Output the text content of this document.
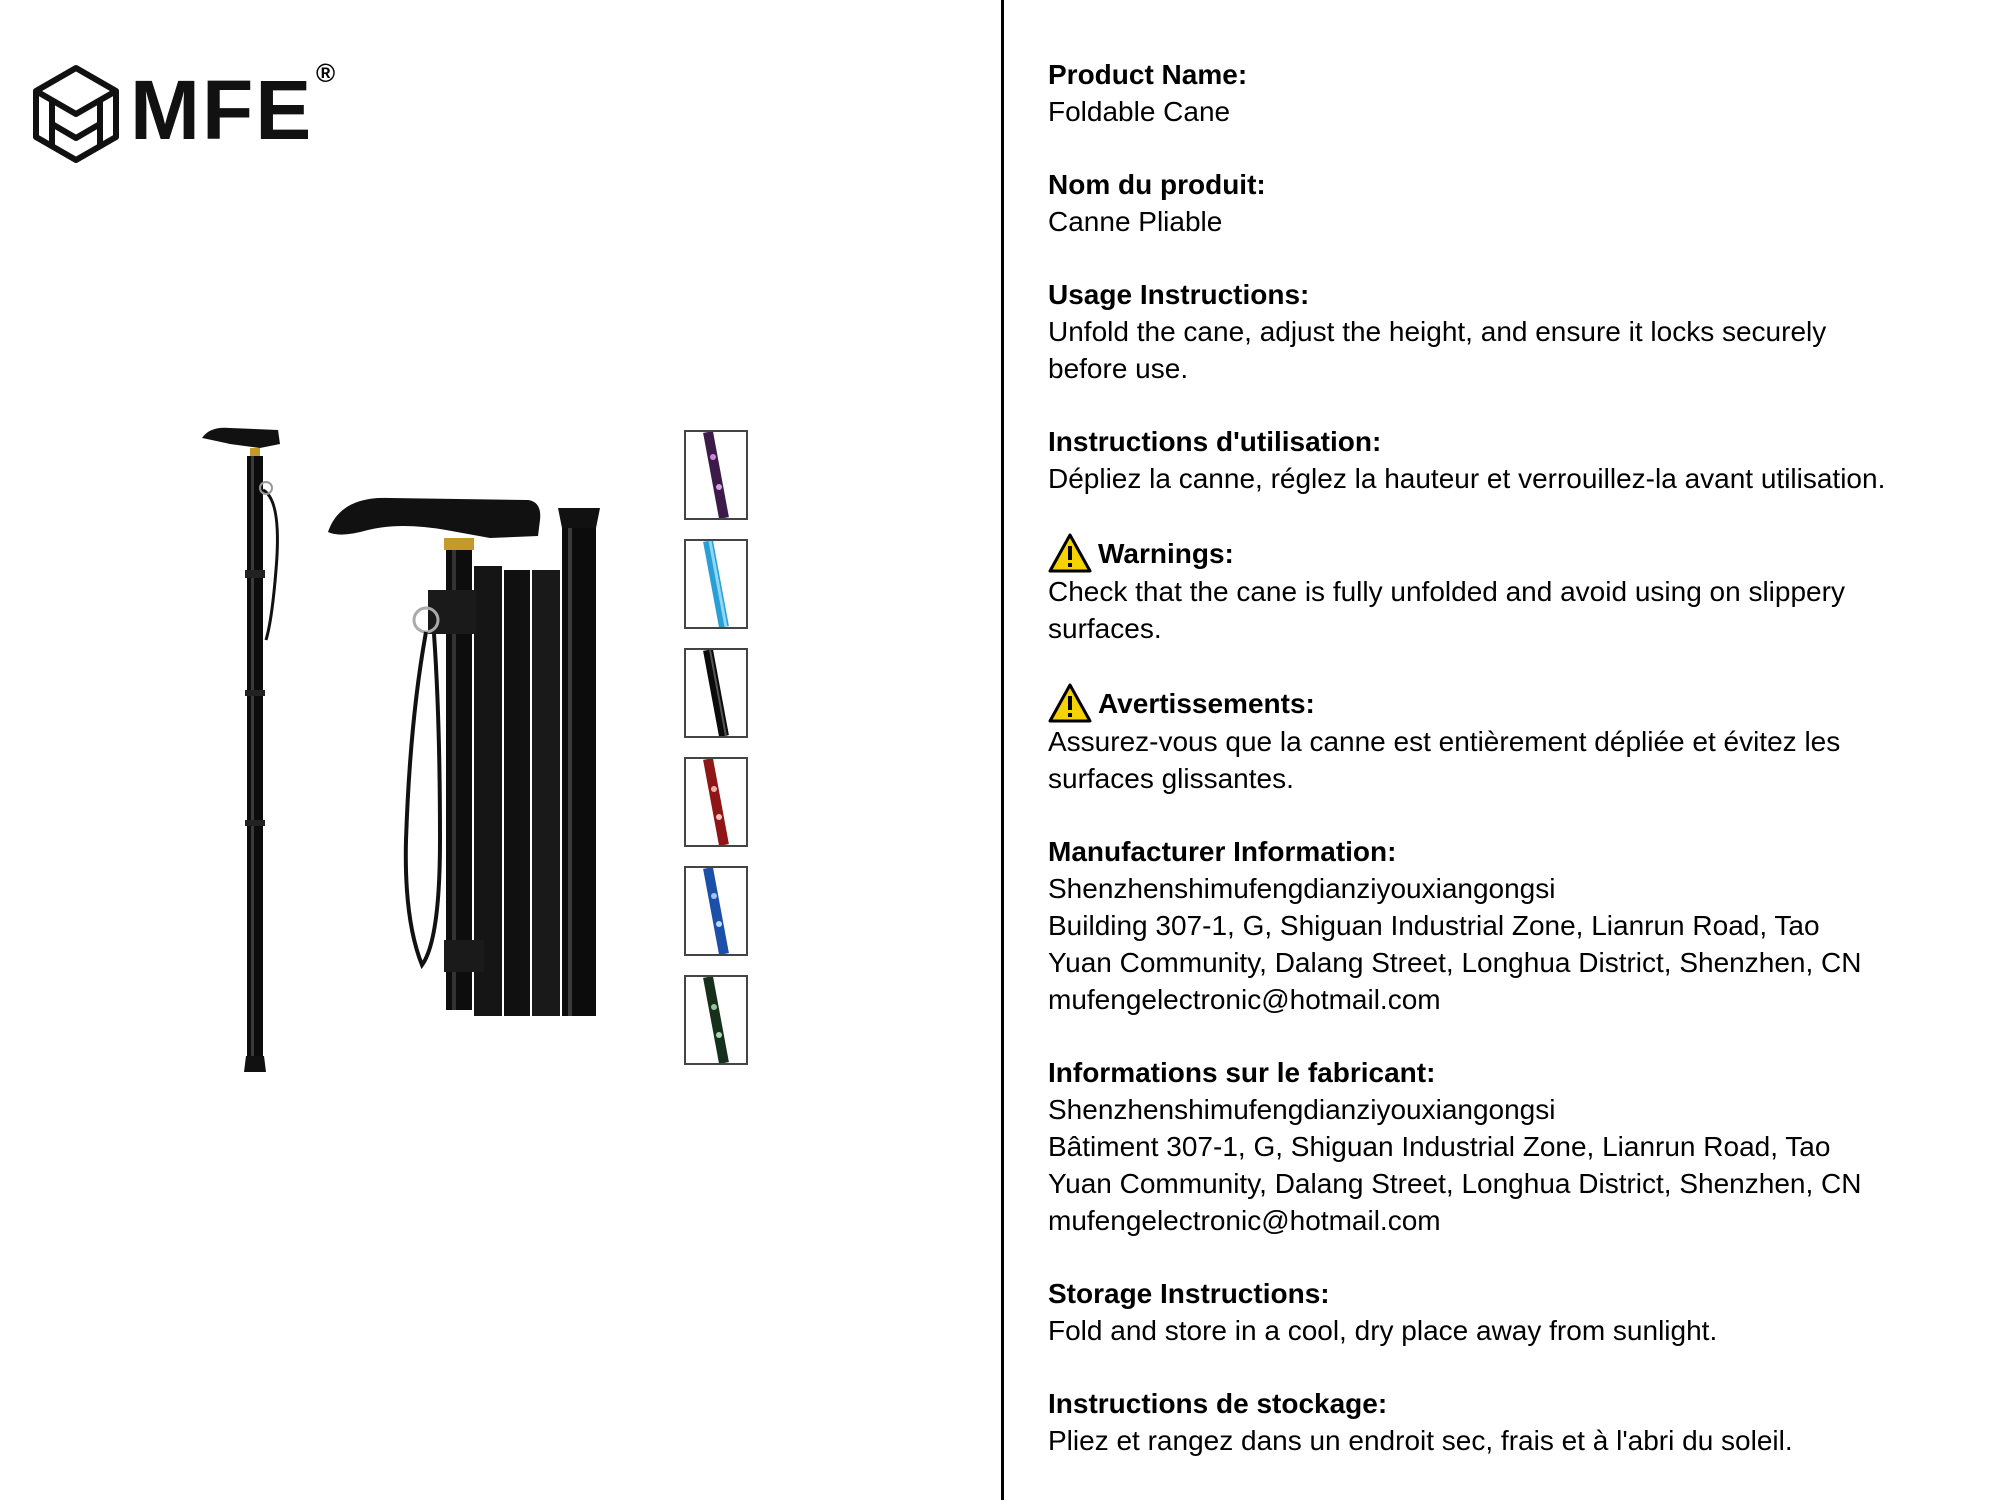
MFE ®	Product Name:
Foldable Cane
Nom du produit:
Canne Pliable
Usage Instructions:
Unfold the cane, adjust the height, and ensure it locks securely
before use.
Instructions d'utilisation:
Dépliez la canne, réglez la hauteur et verrouillez-la avant utilisation.
Warnings:
Check that the cane is fully unfolded and avoid using on slippery
surfaces.
Avertissements:
Assurez-vous que la canne est entièrement dépliée et évitez les
surfaces glissantes.
Manufacturer Information:
Shenzhenshimufengdianziyouxiangongsi
Building 307-1, G, Shiguan Industrial Zone, Lianrun Road, Tao
Yuan Community, Dalang Street, Longhua District, Shenzhen, CN
mufengelectronic@hotmail.com
Informations sur le fabricant:
Shenzhenshimufengdianziyouxiangongsi
Bâtiment 307-1, G, Shiguan Industrial Zone, Lianrun Road, Tao
Yuan Community, Dalang Street, Longhua District, Shenzhen, CN
mufengelectronic@hotmail.com
Storage Instructions:
Fold and store in a cool, dry place away from sunlight.
Instructions de stockage:
Pliez et rangez dans un endroit sec, frais et à l'abri du soleil.
